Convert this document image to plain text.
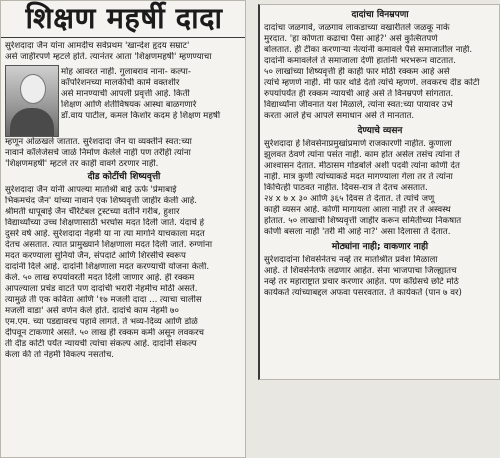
शिक्षण महर्षी दादा
सुरेशदादा जैन यांना आमदीच सर्वप्रथम 'खान्देश हृदय सम्राट'
असे जाहीरपणे म्हटले होते. त्यानंतर आता 'शिक्षणमहर्षी' म्हणण्याचा
मोह आवरत नाही. गुलाबराव नाना- कल्पा-
कॉर्पोरेशनच्या मालकीची कामे वक्तशीर
असे मानण्याची आपली प्रवृत्ती आहे. किती
शिक्षण आणि शेतीविषयक आस्था बाळगणारे
डॉ.वाय पाटील, कमल किशोर कदम हे शिक्षण महर्षी
म्हणून ओळखले जातात. सुरेशदादा जैन या व्यक्तीने स्वत:च्या
नावाने कॉलेजेसचे जाळे निर्माण केलेले नाही पण तरीही त्यांना
'शिक्षणमहर्षी' म्हटले तर काही वावगे ठरणार नाही.
दीड कोटींची शिष्यवृत्ती
सुरेशदादा जैन यांनी आपल्या मातोश्री बाई ऊर्फ 'प्रेमाबाई
भिकमचंद जैन' यांच्या नावाने एक शिष्यवृत्ती जाहीर केली आहे.
श्रीमती धापूबाई जैन चॅरिटेबल ट्रस्टच्या वतीने गरीब, हुशार
विद्यार्थ्यांच्या उच्च शिक्षणासाठी भरघोस मदत दिली जाते. यंदाचे हे
दुसरे वर्ष आहे. सुरेशदादा नेहमी या ना त्या मार्गाने याचकाला मदत
देतच असतात. त्यात प्रामुख्याने शिक्षणाला मदत दिली जाते. रुग्णांना
मदत करण्याला सुनियो जैन, संपदाटे आणि शिरसीचे स्वरूप
दादांनी दिले आहे. दादांनी शिक्षणाला मदत करण्याची योजना केली.
केले. ५० लाख रुपयांवरती मदत दिली जाणार आहे. ही रक्कम
आपल्याला प्रचंड वाटते पण दादांची भरारी नेहमीच मोठी असते.
त्यामुळे ती एक कविता आणि '१७ मजली दादा ... त्याचा चालीस
मजली वाडा' असे वर्णन केले होते. दादांचे काम नेहमी ७०
एम.एम. च्या पडद्यावरच पहावे लागते. ते भव्य-दिव्य आणि डोळे
दीपवून टाकणारे असते. ५० लाख ही रक्कम कमी असून लवकरच
ती दीड कोटी पर्यंत न्यायची त्यांचा संकल्प आहे. दादांनी संकल्प
केला की तो नेहमी विकल्प नसतोच.
दादांचा विनम्रपणा
दादांचा जळगावे, जळगाव लाकडाच्या वखारीतले जळकू नाके
मुरदात. 'हा कोणता कढाचा पैसा आहे?' असे कुत्सितपणे
बोलतात. ही टीका करणाऱ्या नेत्यांनी कमावले पैसे समाजातील नाही.
दादांनी कमावलेले ते समाजाला देणी हातांनी भरभरून वाटतात.
५० लाखांच्या शिष्यवृत्ती ही काही फार मोठी रक्कम आहे असे
त्यांचे म्हणणे नाही. मी फार थोडे देतो त्यांचे म्हणणे. लवकरच दीड कोटी
रुपयांपर्यंत ही रक्कम न्यायची आहे असे ते विनम्रपणे सांगतात.
विद्यार्थ्यांना जीवनात यश मिळाले, त्यांना स्वत:च्या पायावर उभे
करता आले हेच आपले समाधान असे ते मानतात.
देण्याचे व्यसन
सुरेशदादा हे शिवसेनाप्रमुखांप्रमाणे राजकारणी नाहीत. कुणाला
झुलवत ठेवणे त्यांना पसंत नाही. काम होत असेल तसंच त्यांना ते
आश्वासन देतात. मीठासम गोडबोले अशी पदवी त्यांना कोणी देत
नाही. मात्र कुणी त्यांच्याकडे मदत मागण्याला गेला तर ते त्यांना
किंचित्ही पाठवत नाहीत. दिवस-रात्र ते देतच असतात.
२४ x ७ x ३० आणि ३६५ दिवस ते देतात. ते त्यांचे जणू
काही व्यसन आहे. कोणी मागायला आला नाही तर ते अस्वस्थ
होतात. ५० लाखाची शिष्यवृत्ती जाहीर करून समितीच्या निकषात
कोणी बसला नाही 'तरी मी आहे ना?' असा दिलासा ते देतात.
मोठ्यांना नाही; वाकणार नाही
सुरेशदादांना शिवसेनेतच नव्हे तर मातोश्रीत प्रवेश मिळाला
आहे. ते शिवसेनेतर्फे लढणार आहेत. सेना भाजपाचा जिल्ह्यातच
नव्हे तर महाराष्ट्रात प्रचार करणार आहेत. पण काँग्रेसचे छोटे मोठे
कार्यकर्ते त्यांच्याबद्दल अफवा पसरवतात. ते कार्यकर्ते (पान ७ वर)
